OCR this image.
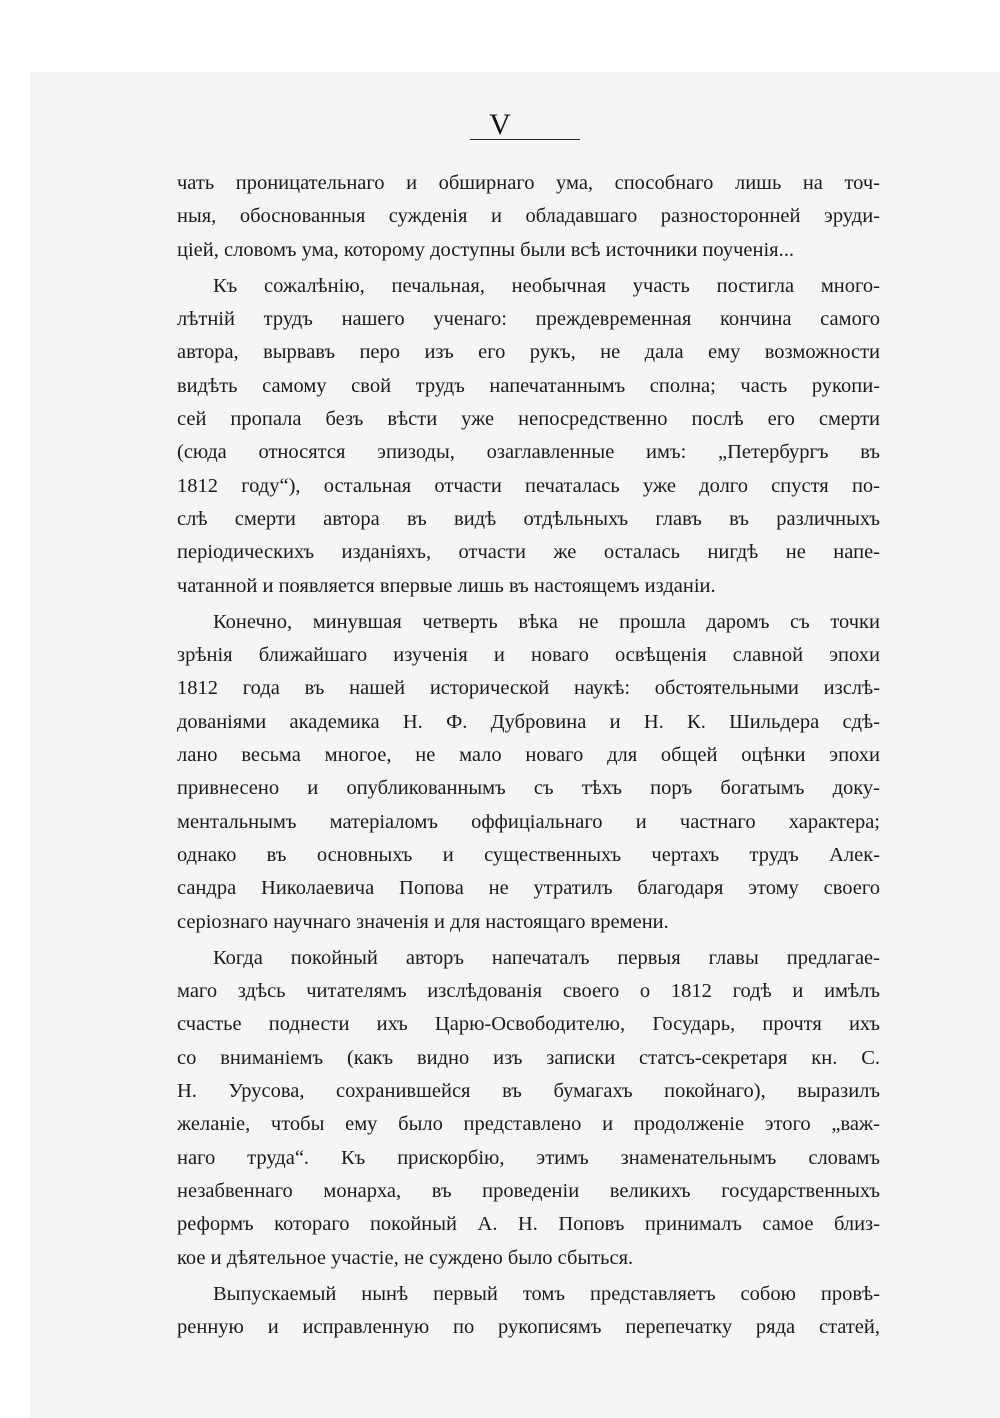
V
чать проницательнаго и обширнаго ума, способнаго лишь на точ-
ныя, обоснованныя сужденія и обладавшаго разносторонней эруди-
ціей, словомъ ума, которому доступны были всѣ источники поученія...
Къ сожалѣнію, печальная, необычная участь постигла много-
лѣтній трудъ нашего ученаго: преждевременная кончина самого
автора, вырвавъ перо изъ его рукъ, не дала ему возможности
видѣть самому свой трудъ напечатаннымъ сполна; часть рукопи-
сей пропала безъ вѣсти уже непосредственно послѣ его смерти
(сюда относятся эпизоды, озаглавленные имъ: „Петербургъ въ
1812 году“), остальная отчасти печаталась уже долго спустя по-
слѣ смерти автора въ видѣ отдѣльныхъ главъ въ различныхъ
періодическихъ изданіяхъ, отчасти же осталась нигдѣ не напе-
чатанной и появляется впервые лишь въ настоящемъ изданіи.
Конечно, минувшая четверть вѣка не прошла даромъ съ точки
зрѣнія ближайшаго изученія и новаго освѣщенія славной эпохи
1812 года въ нашей исторической наукѣ: обстоятельными изслѣ-
дованіями академика Н. Ф. Дубровина и Н. К. Шильдера сдѣ-
лано весьма многое, не мало новаго для общей оцѣнки эпохи
привнесено и опубликованнымъ съ тѣхъ поръ богатымъ доку-
ментальнымъ матеріаломъ оффиціальнаго и частнаго характера;
однако въ основныхъ и существенныхъ чертахъ трудъ Алек-
сандра Николаевича Попова не утратилъ благодаря этому своего
серіознаго научнаго значенія и для настоящаго времени.
Когда покойный авторъ напечаталъ первыя главы предлагае-
маго здѣсь читателямъ изслѣдованія своего о 1812 годѣ и имѣлъ
счастье поднести ихъ Царю-Освободителю, Государь, прочтя ихъ
со вниманіемъ (какъ видно изъ записки статсъ-секретаря кн. С.
Н. Урусова, сохранившейся въ бумагахъ покойнаго), выразилъ
желаніе, чтобы ему было представлено и продолженіе этого „важ-
наго труда“. Къ прискорбію, этимъ знаменательнымъ словамъ
незабвеннаго монарха, въ проведеніи великихъ государственныхъ
реформъ котораго покойный А. Н. Поповъ принималъ самое близ-
кое и дѣятельное участіе, не суждено было сбыться.
Выпускаемый нынѣ первый томъ представляетъ собою провѣ-
ренную и исправленную по рукописямъ перепечатку ряда статей,
